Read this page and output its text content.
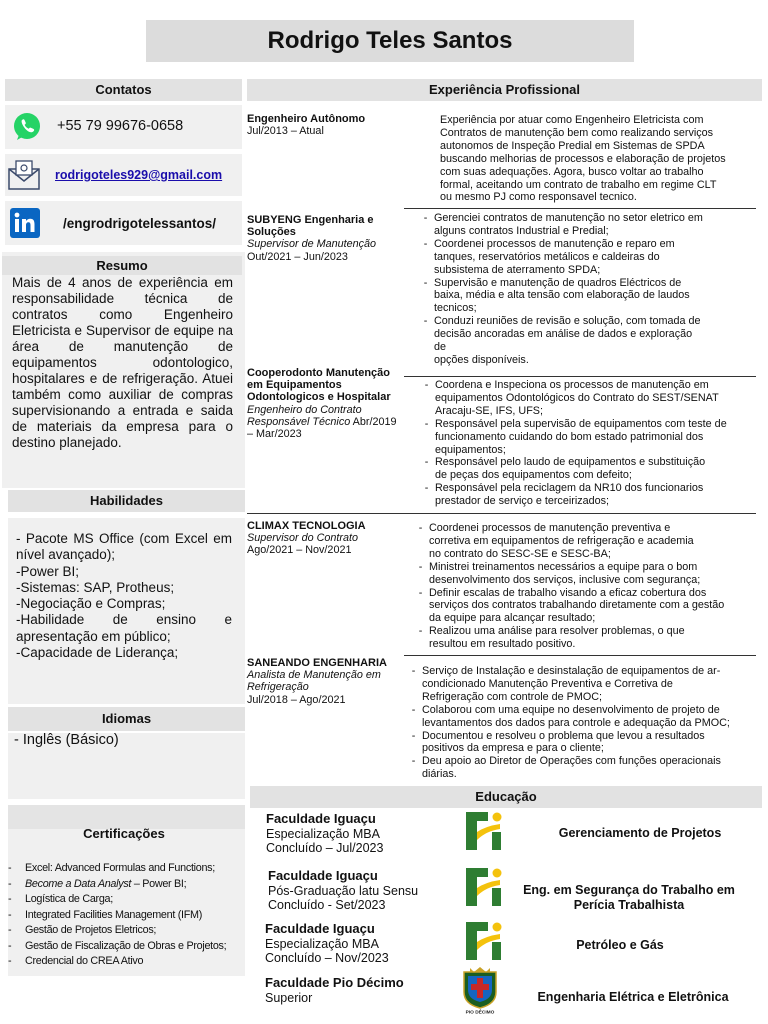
Rodrigo Teles Santos
Contatos
+55 79 99676-0658
rodrigoteles929@gmail.com
/engrodrigotelessantos/
Resumo
Mais de 4 anos de experiência em responsabilidade técnica de contratos como Engenheiro Eletricista e Supervisor de equipe na área de manutenção de equipamentos odontologico, hospitalares e de refrigeração. Atuei também como auxiliar de compras supervisionando a entrada e saida de materiais da empresa para o destino planejado.
Habilidades
- Pacote MS Office (com Excel em nível avançado);
-Power BI;
-Sistemas: SAP, Protheus;
-Negociação e Compras;
-Habilidade de ensino e apresentação em público;
-Capacidade de Liderança;
Idiomas
- Inglês (Básico)
Certificações
-	Excel: Advanced Formulas and Functions;
-	Become a Data Analyst – Power BI;
-	Logística de Carga;
-	Integrated Facilities Management (IFM)
-	Gestão de Projetos Eletricos;
-	Gestão de Fiscalização de Obras e Projetos;
-	Credencial do CREA Ativo
Experiência Profissional
Engenheiro Autônomo
Jul/2013 – Atual
Experiência por atuar como Engenheiro Eletricista com
Contratos de manutenção bem como realizando serviços
autonomos de Inspeção Predial em Sistemas de SPDA
buscando melhorias de processos e elaboração de projetos
com suas adequações. Agora, busco voltar ao trabalho
formal, aceitando um contrato de trabalho em regime CLT
ou mesmo PJ como responsavel tecnico.
SUBYENG Engenharia e Soluções
Supervisor de Manutenção
Out/2021 – Jun/2023
- Gerenciei contratos de manutenção no setor eletrico em
alguns contratos Industrial e Predial;
- Coordenei processos de manutenção e reparo em
tanques, reservatórios metálicos e caldeiras do
subsistema de aterramento SPDA;
- Supervisão e manutenção de quadros Eléctricos de
baixa, média e alta tensão com elaboração de laudos
tecnicos;
- Conduzi reuniões de revisão e solução, com tomada de
decisão ancoradas em análise de dados e exploração
de
opções disponíveis.
Cooperodonto Manutenção em Equipamentos Odontologicos e Hospitalar Engenheiro do Contrato Responsável Técnico Abr/2019 – Mar/2023
- Coordena e Inspeciona os processos de manutenção em
equipamentos Odontológicos do Contrato do SEST/SENAT
Aracaju-SE, IFS, UFS;
- Responsável pela supervisão de equipamentos com teste de
funcionamento cuidando do bom estado patrimonial dos
equipamentos;
- Responsável pelo laudo de equipamentos e substituição
de peças dos equipamentos com defeito;
- Responsável pela reciclagem da NR10 dos funcionarios
prestador de serviço e terceirizados;
CLIMAX TECNOLOGIA
Supervisor do Contrato
Ago/2021 – Nov/2021
- Coordenei processos de manutenção preventiva e
corretiva em equipamentos de refrigeração e academia
no contrato do SESC-SE e SESC-BA;
- Ministrei treinamentos necessários a equipe para o bom
desenvolvimento dos serviços, inclusive com segurança;
- Definir escalas de trabalho visando a eficaz cobertura dos
serviços dos contratos trabalhando diretamente com a gestão
da equipe para alcançar resultado;
- Realizou uma análise para resolver problemas, o que
resultou em resultado positivo.
SANEANDO ENGENHARIA
Analista de Manutenção em Refrigeração
Jul/2018 – Ago/2021
- Serviço de Instalação e desinstalação de equipamentos de ar-
condicionado Manutenção Preventiva e Corretiva de
Refrigeração com controle de PMOC;
- Colaborou com uma equipe no desenvolvimento de projeto de
levantamentos dos dados para controle e adequação da PMOC;
- Documentou e resolveu o problema que levou a resultados
positivos da empresa e para o cliente;
- Deu apoio ao Diretor de Operações com funções operacionais
diárias.
Educação
Faculdade Iguaçu
Especialização MBA
Concluído – Jul/2023
Gerenciamento de Projetos
Faculdade Iguaçu
Pós-Graduação latu Sensu
Concluído - Set/2023
Eng. em Segurança do Trabalho em Perícia Trabalhista
Faculdade Iguaçu
Especialização MBA
Concluído – Nov/2023
Petróleo e Gás
Faculdade Pio Décimo
Superior
PIO DÉCIMO
Engenharia Elétrica e Eletrônica
